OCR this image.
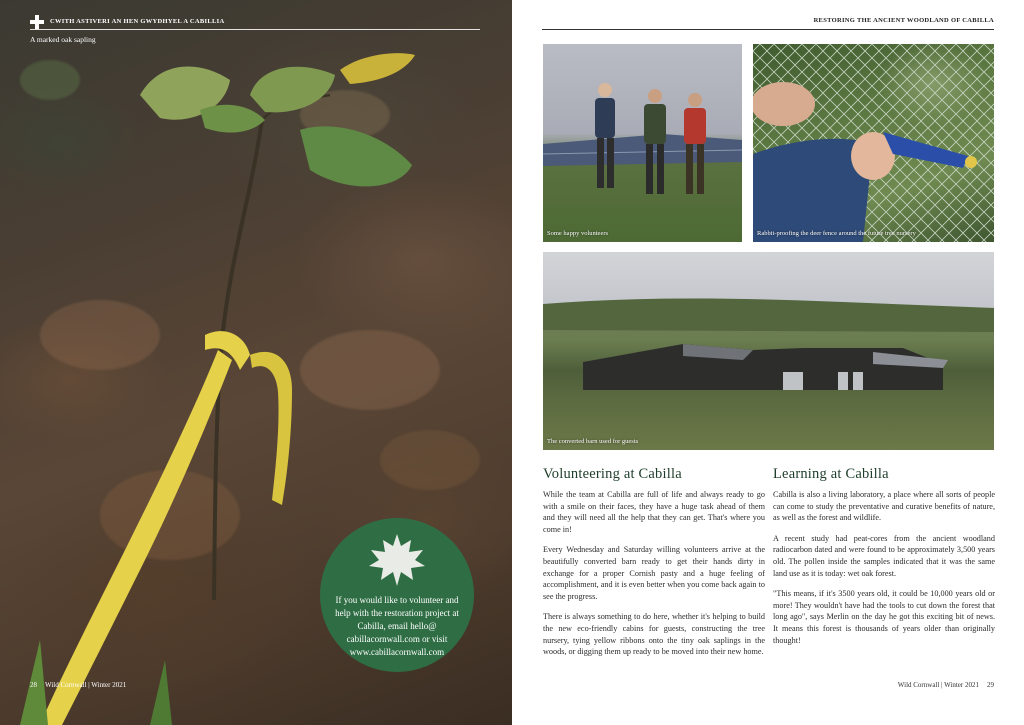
CWITH ASTIVERI AN HEN GWYDHYEL A CABILLIA
A marked oak sapling
If you would like to volunteer and help with the restoration project at Cabilla, email hello@ cabillacornwall.com or visit www.cabillacornwall.com
28 Wild Cornwall | Winter 2021
RESTORING THE ANCIENT WOODLAND OF CABILLA
Some happy volunteers	Rabbit-proofing the deer fence around the future tree nursery
The converted barn used for guests
Volunteering at Cabilla

While the team at Cabilla are full of life and always ready to go with a smile on their faces, they have a huge task ahead of them and they will need all the help that they can get. That's where you come in!

Every Wednesday and Saturday willing volunteers arrive at the beautifully converted barn ready to get their hands dirty in exchange for a proper Cornish pasty and a huge feeling of accomplishment, and it is even better when you come back again to see the progress.

There is always something to do here, whether it's helping to build the new eco-friendly cabins for guests, constructing the tree nursery, tying yellow ribbons onto the tiny oak saplings in the woods, or digging them up ready to be moved into their new home.

Learning at Cabilla

Cabilla is also a living laboratory, a place where all sorts of people can come to study the preventative and curative benefits of nature, as well as the forest and wildlife.

A recent study had peat-cores from the ancient woodland radiocarbon dated and were found to be approximately 3,500 years old. The pollen inside the samples indicated that it was the same land use as it is today: wet oak forest.

"This means, if it's 3500 years old, it could be 10,000 years old or more! They wouldn't have had the tools to cut down the forest that long ago", says Merlin on the day he got this exciting bit of news. It means this forest is thousands of years older than originally thought!

Wild Cornwall | Winter 2021 29
